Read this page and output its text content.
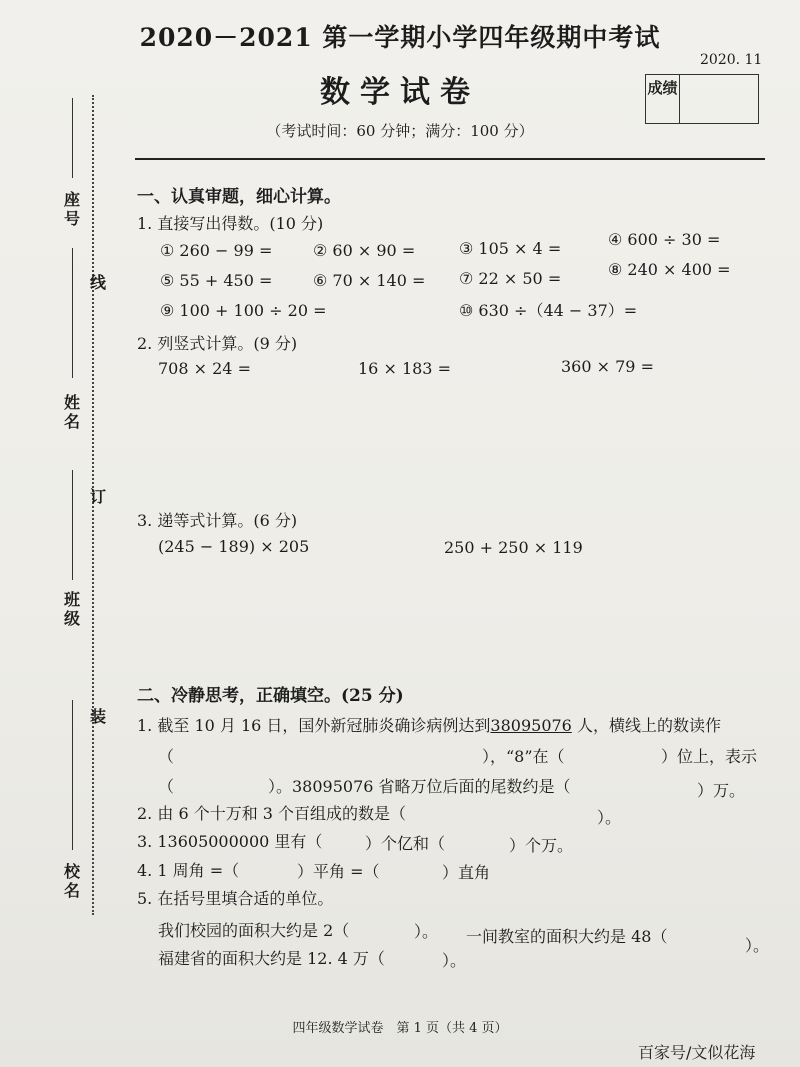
2020－2021 第一学期小学四年级期中考试
2020. 11
数学试卷	成绩
（考试时间：60 分钟；满分：100 分）
座号
线
姓名
订
班级
装
校名
一、认真审题，细心计算。
1. 直接写出得数。(10 分)
① 260 − 99 =	② 60 × 90 =	③ 105 × 4 =	④ 600 ÷ 30 =
⑤ 55 + 450 =	⑥ 70 × 140 = ⑦ 22 × 50 =	⑧ 240 × 400 =
⑨ 100 + 100 ÷ 20 =	⑩ 630 ÷（44 − 37）=
2. 列竖式计算。(9 分)
708 × 24 =	16 × 183 =	360 × 79 =
3. 递等式计算。(6 分)
(245 − 189) × 205	250 + 250 × 119
二、冷静思考，正确填空。(25 分)
1. 截至 10 月 16 日，国外新冠肺炎确诊病例达到38095076 人，横线上的数读作
（	），“8”在（	）位上，表示
（	）。38095076 省略万位后面的尾数约是（	）万。
2. 由 6 个十万和 3 个百组成的数是（	）。
3. 13605000000 里有（	）个亿和（	）个万。
4. 1 周角 =（	）平角 =（	）直角
5. 在括号里填合适的单位。
我们校园的面积大约是 2（	）。 一间教室的面积大约是 48（	）。
福建省的面积大约是 12. 4 万（	）。
四年级数学试卷　第 1 页（共 4 页）
百家号/文似花海
